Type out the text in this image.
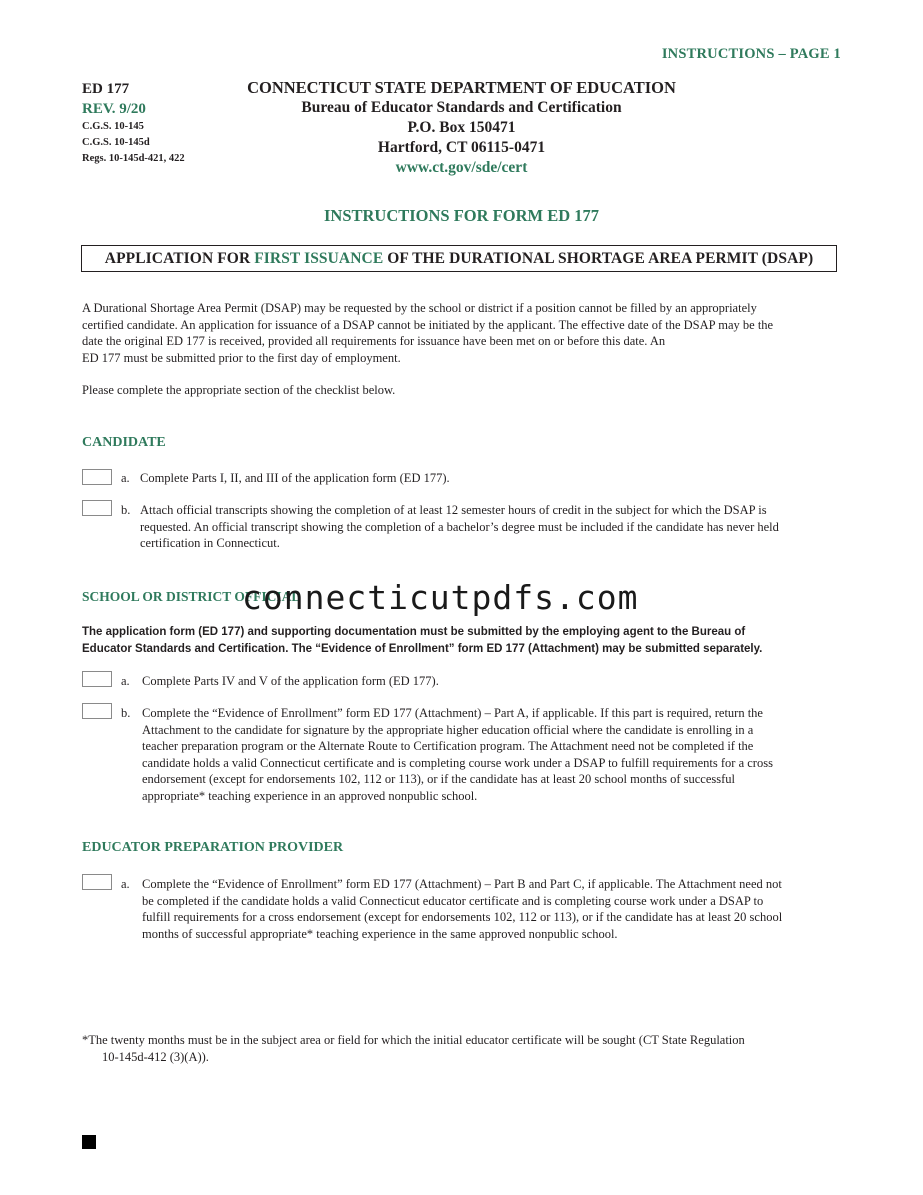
INSTRUCTIONS – PAGE 1
ED 177
REV. 9/20
C.G.S. 10-145
C.G.S. 10-145d
Regs. 10-145d-421, 422
CONNECTICUT STATE DEPARTMENT OF EDUCATION
Bureau of Educator Standards and Certification
P.O. Box 150471
Hartford, CT 06115-0471
www.ct.gov/sde/cert
INSTRUCTIONS FOR FORM ED 177
APPLICATION FOR FIRST ISSUANCE OF THE DURATIONAL SHORTAGE AREA PERMIT (DSAP)
A Durational Shortage Area Permit (DSAP) may be requested by the school or district if a position cannot be filled by an appropriately
certified candidate. An application for issuance of a DSAP cannot be initiated by the applicant. The effective date of the DSAP may be the
date the original ED 177 is received, provided all requirements for issuance have been met on or before this date. An
ED 177 must be submitted prior to the first day of employment.
Please complete the appropriate section of the checklist below.
CANDIDATE
a. Complete Parts I, II, and III of the application form (ED 177).
b. Attach official transcripts showing the completion of at least 12 semester hours of credit in the subject for which the DSAP is
requested. An official transcript showing the completion of a bachelor’s degree must be included if the candidate has never held
certification in Connecticut.
SCHOOL OR DISTRICT OFFICIAL
connecticutpdfs.com
The application form (ED 177) and supporting documentation must be submitted by the employing agent to the Bureau of
Educator Standards and Certification. The “Evidence of Enrollment” form ED 177 (Attachment) may be submitted separately.
a. Complete Parts IV and V of the application form (ED 177).
b. Complete the “Evidence of Enrollment” form ED 177 (Attachment) – Part A, if applicable. If this part is required, return the
Attachment to the candidate for signature by the appropriate higher education official where the candidate is enrolling in a
teacher preparation program or the Alternate Route to Certification program. The Attachment need not be completed if the
candidate holds a valid Connecticut certificate and is completing course work under a DSAP to fulfill requirements for a cross
endorsement (except for endorsements 102, 112 or 113), or if the candidate has at least 20 school months of successful
appropriate* teaching experience in an approved nonpublic school.
EDUCATOR PREPARATION PROVIDER
a. Complete the “Evidence of Enrollment” form ED 177 (Attachment) – Part B and Part C, if applicable. The Attachment need not
be completed if the candidate holds a valid Connecticut educator certificate and is completing course work under a DSAP to
fulfill requirements for a cross endorsement (except for endorsements 102, 112 or 113), or if the candidate has at least 20 school
months of successful appropriate* teaching experience in the same approved nonpublic school.
*The twenty months must be in the subject area or field for which the initial educator certificate will be sought (CT State Regulation
10-145d-412 (3)(A)).
